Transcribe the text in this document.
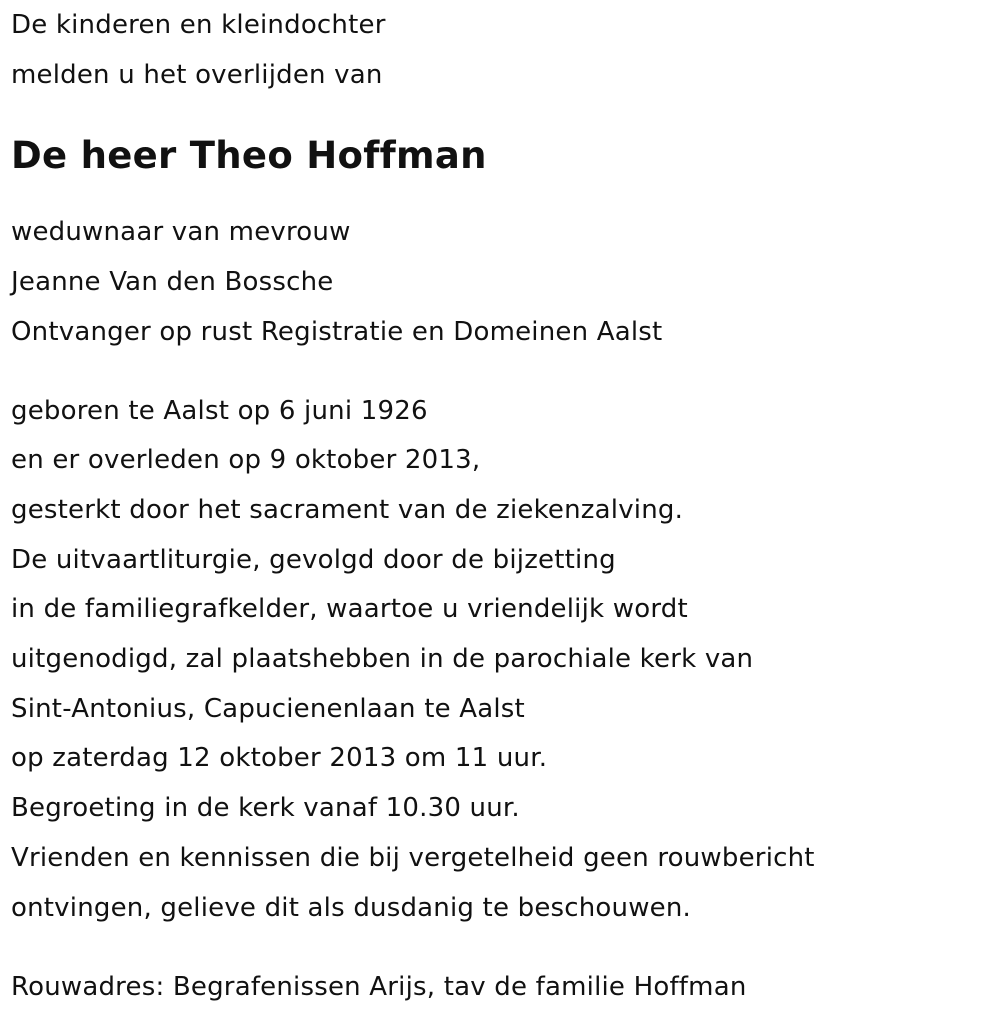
De kinderen en kleindochter
melden u het overlijden van
De heer Theo Hoffman
weduwnaar van mevrouw
Jeanne Van den Bossche
Ontvanger op rust Registratie en Domeinen Aalst
geboren te Aalst op 6 juni 1926
en er overleden op 9 oktober 2013,
gesterkt door het sacrament van de ziekenzalving.
De uitvaartliturgie, gevolgd door de bijzetting
in de familiegrafkelder, waartoe u vriendelijk wordt
uitgenodigd, zal plaatshebben in de parochiale kerk van
Sint-Antonius, Capucienenlaan te Aalst
op zaterdag 12 oktober 2013 om 11 uur.
Begroeting in de kerk vanaf 10.30 uur.
Vrienden en kennissen die bij vergetelheid geen rouwbericht
ontvingen, gelieve dit als dusdanig te beschouwen.
Rouwadres: Begrafenissen Arijs, tav de familie Hoffman
